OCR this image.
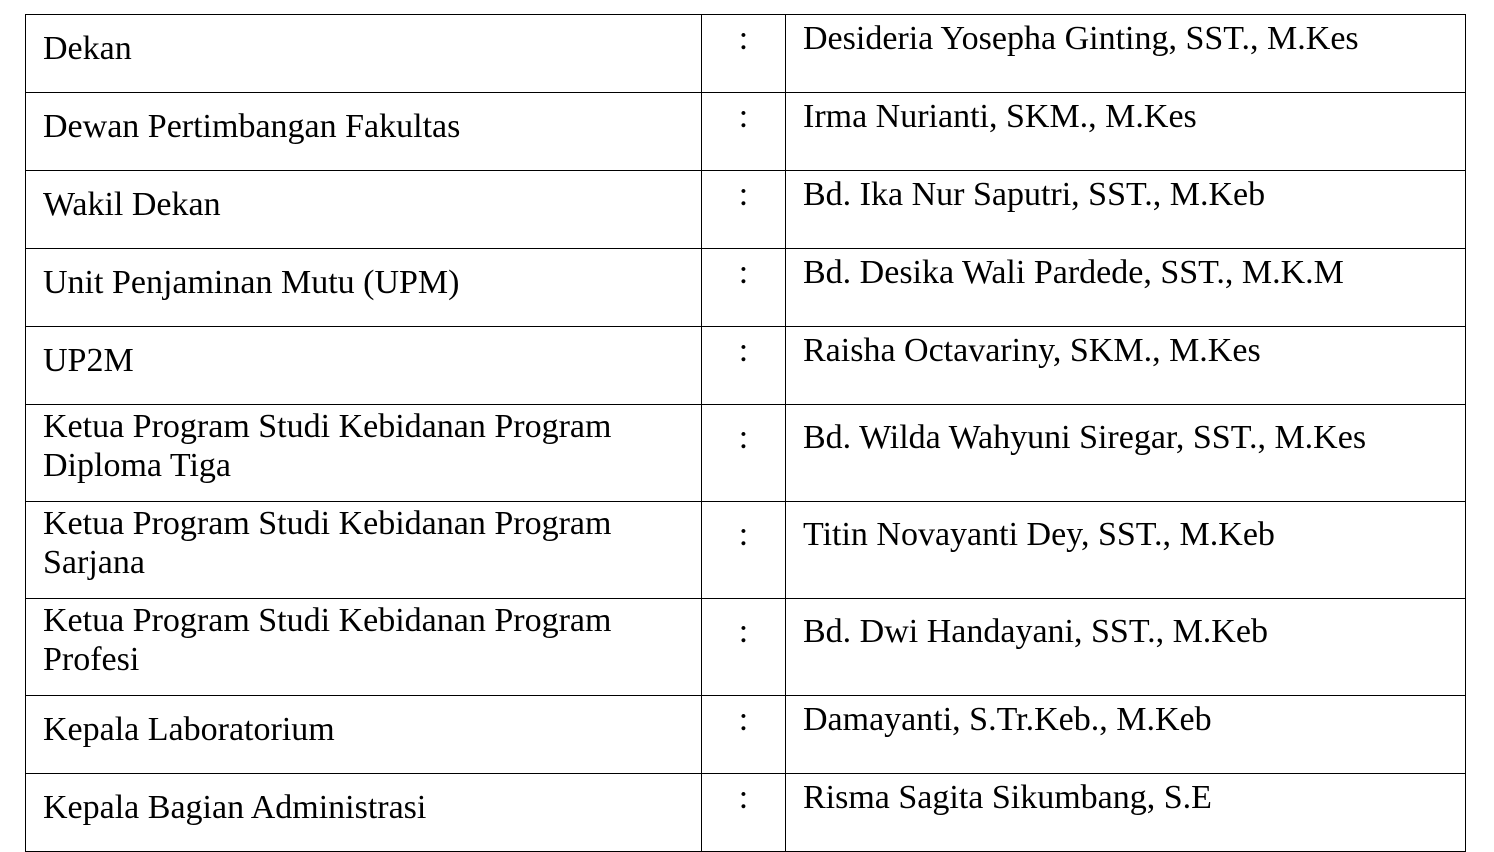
Dekan	:	Desideria Yosepha Ginting, SST., M.Kes

Dewan Pertimbangan Fakultas	:	Irma Nurianti, SKM., M.Kes

Wakil Dekan	:	Bd. Ika Nur Saputri, SST., M.Keb

Unit Penjaminan Mutu (UPM)	:	Bd. Desika Wali Pardede, SST., M.K.M

UP2M	:	Raisha Octavariny, SKM., M.Kes

Ketua Program Studi Kebidanan Program Diploma Tiga	:	Bd. Wilda Wahyuni Siregar, SST., M.Kes

Ketua Program Studi Kebidanan Program Sarjana	:	Titin Novayanti Dey, SST., M.Keb

Ketua Program Studi Kebidanan Program Profesi	:	Bd. Dwi Handayani, SST., M.Keb

Kepala Laboratorium	:	Damayanti, S.Tr.Keb., M.Keb

Kepala Bagian Administrasi	:	Risma Sagita Sikumbang, S.E
